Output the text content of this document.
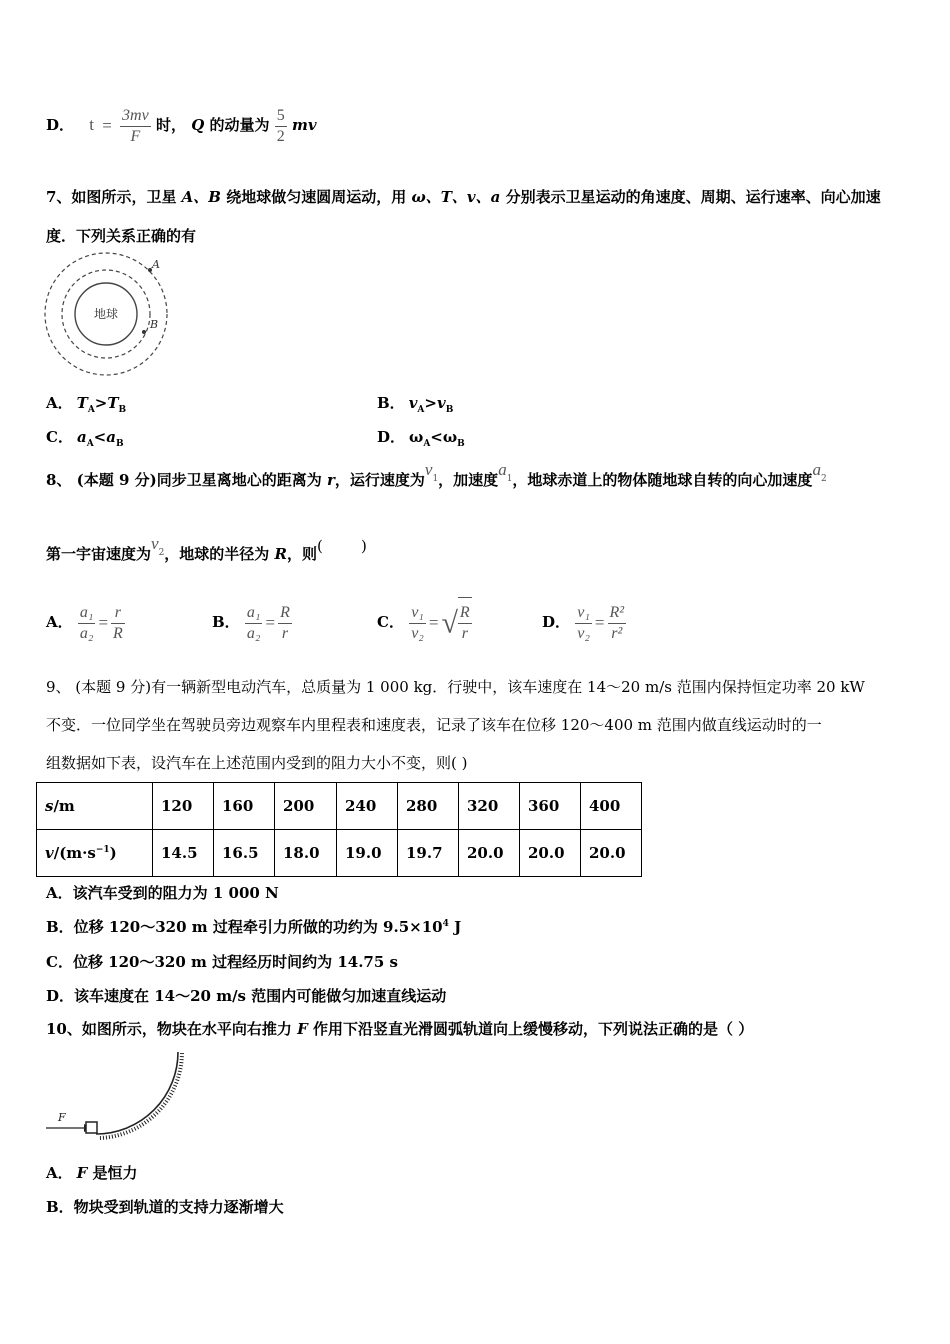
D． $t = \frac{3mv}{F}$ 时， Q 的动量为 $\frac{5}{2}$ mv
7、如图所示，卫星 A、B 绕地球做匀速圆周运动，用 ω、T、v、a 分别表示卫星运动的角速度、周期、运行速率、向心加速
度．下列关系正确的有
地球
A
B
A． $T_A>T_B$	B． $v_A>v_B$
C． $a_A<a_B$	D． $\omega_A<\omega_B$
8、 (本题 9 分)同步卫星离地心的距离为 r，运行速度为$v_1$，加速度$a_1$，地球赤道上的物体随地球自转的向心加速度$a_2$
第一宇宙速度为$v_2$，地球的半径为 R，则(        )
A． $\frac{\text{a₁}}{\text{a₂}} = \frac{r}{R}$	B． $\frac{\text{a₁}}{\text{a₂}} = \frac{R}{r}$	C． $\frac{\text{v₁}}{\text{v₂}}$ = √ $\frac{R}{r}$	D． $\frac{\text{v₁}}{\text{v₂}} = \frac{\text{R²}}{\text{r²}}$
9、 (本题 9 分)有一辆新型电动汽车，总质量为 1 000 kg．行驶中，该车速度在 14～20 m/s 范围内保持恒定功率 20 kW
不变．一位同学坐在驾驶员旁边观察车内里程表和速度表，记录了该车在位移 120～400 m 范围内做直线运动时的一
组数据如下表，设汽车在上述范围内受到的阻力大小不变，则( )
s/m	120	160	200	240	280	320	360	400
$v/(m\cdot s^{-1})$	14.5	16.5	18.0	19.0	19.7	20.0	20.0	20.0
A．该汽车受到的阻力为 1 000 N
B．位移 120～320 m 过程牵引力所做的功约为 $9.5\times 10^4$ J
C．位移 120～320 m 过程经历时间约为 14.75 s
D．该车速度在 14～20 m/s 范围内可能做匀加速直线运动
10、如图所示，物块在水平向右推力 F 作用下沿竖直光滑圆弧轨道向上缓慢移动，下列说法正确的是（ ）
F
A． F 是恒力
B．物块受到轨道的支持力逐渐增大
